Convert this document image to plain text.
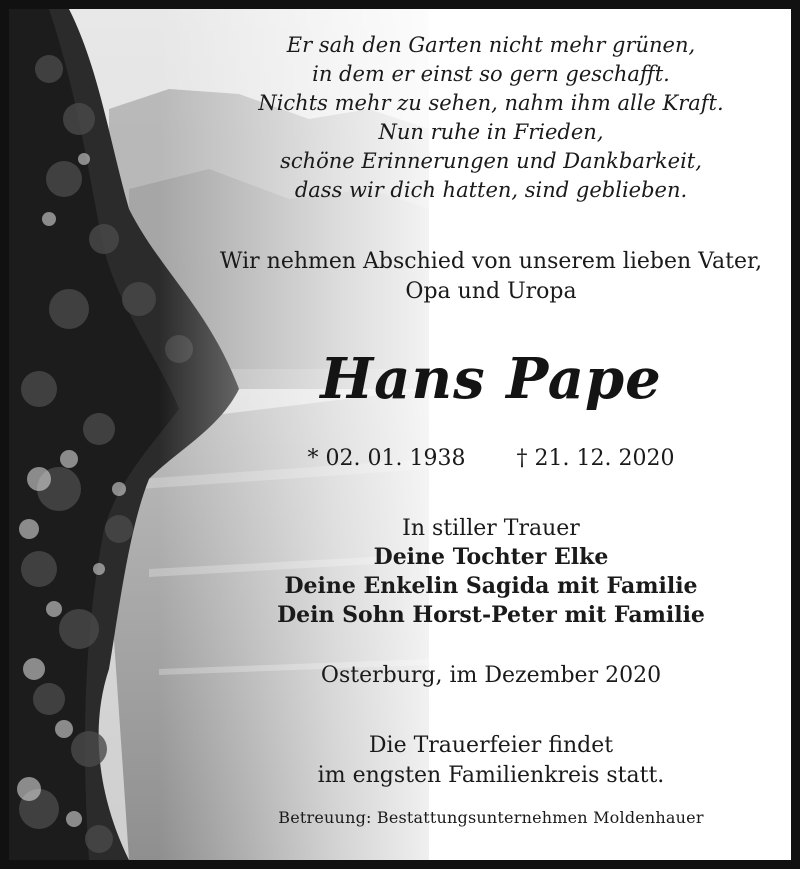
Er sah den Garten nicht mehr grünen,
in dem er einst so gern geschafft.
Nichts mehr zu sehen, nahm ihm alle Kraft.
Nun ruhe in Frieden,
schöne Erinnerungen und Dankbarkeit,
dass wir dich hatten, sind geblieben.
Wir nehmen Abschied von unserem lieben Vater,
Opa und Uropa
Hans Pape
* 02. 01. 1938 † 21. 12. 2020
In stiller Trauer
Deine Tochter Elke
Deine Enkelin Sagida mit Familie
Dein Sohn Horst-Peter mit Familie
Osterburg, im Dezember 2020
Die Trauerfeier findet
im engsten Familienkreis statt.
Betreuung: Bestattungsunternehmen Moldenhauer
